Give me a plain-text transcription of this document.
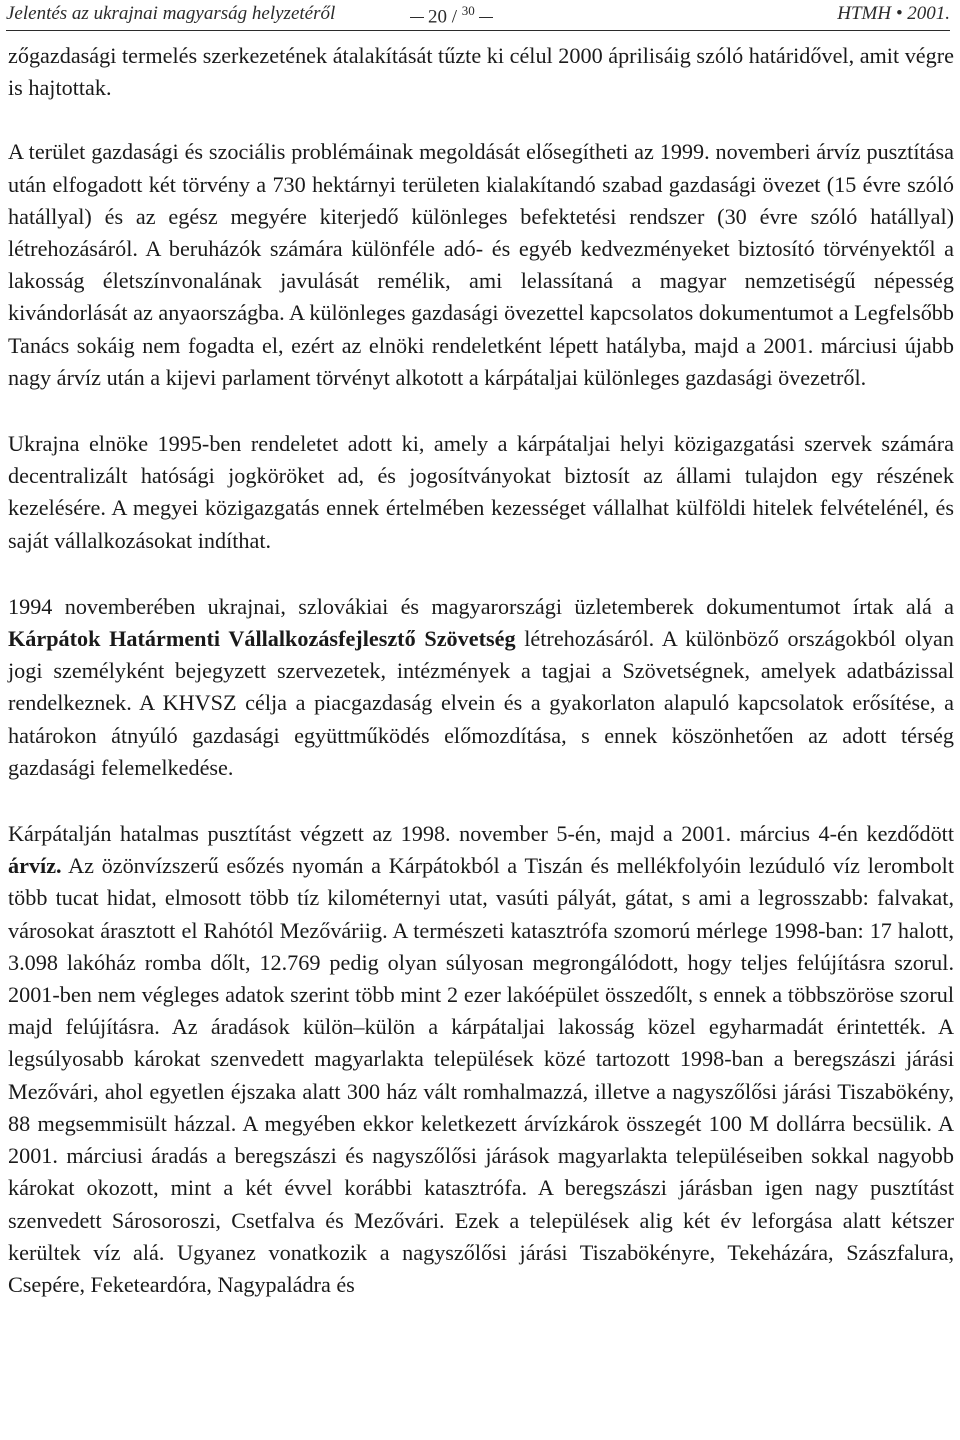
Jelentés az ukrajnai magyarság helyzetéről	20 / $^{30}$	HTMH • 2001.

zőgazdasági termelés szerkezetének átalakítását tűzte ki célul 2000 áprilisáig szóló határidővel, amit végre is hajtottak.

A terület gazdasági és szociális problémáinak megoldását elősegítheti az 1999. novemberi árvíz pusztítása után elfogadott két törvény a 730 hektárnyi területen kialakítandó szabad gazdasági övezet (15 évre szóló hatállyal) és az egész megyére kiterjedő különleges befektetési rendszer (30 évre szóló hatállyal) létrehozásáról. A beruházók számára különféle adó- és egyéb kedvezményeket biztosító törvényektől a lakosság életszínvonalának javulását remélik, ami lelassítaná a magyar nemzetiségű népesség kivándorlását az anyaországba. A különleges gazdasági övezettel kapcsolatos dokumentumot a Legfelsőbb Tanács sokáig nem fogadta el, ezért az elnöki rendeletként lépett hatályba, majd a 2001. márciusi újabb nagy árvíz után a kijevi parlament törvényt alkotott a kárpátaljai különleges gazdasági övezetről.

Ukrajna elnöke 1995-ben rendeletet adott ki, amely a kárpátaljai helyi közigazgatási szervek számára decentralizált hatósági jogköröket ad, és jogosítványokat biztosít az állami tulajdon egy részének kezelésére. A megyei közigazgatás ennek értelmében kezességet vállalhat külföldi hitelek felvételénél, és saját vállalkozásokat indíthat.

1994 novemberében ukrajnai, szlovákiai és magyarországi üzletemberek dokumentumot írtak alá a Kárpátok Határmenti Vállalkozásfejlesztő Szövetség létrehozásáról. A különböző országokból olyan jogi személyként bejegyzett szervezetek, intézmények a tagjai a Szövetségnek, amelyek adatbázissal rendelkeznek. A KHVSZ célja a piacgazdaság elvein és a gyakorlaton alapuló kapcsolatok erősítése, a határokon átnyúló gazdasági együttműködés előmozdítása, s ennek köszönhetően az adott térség gazdasági felemelkedése.

Kárpátalján hatalmas pusztítást végzett az 1998. november 5-én, majd a 2001. március 4-én kezdődött árvíz. Az özönvízszerű esőzés nyomán a Kárpátokból a Tiszán és mellékfolyóin lezúduló víz lerombolt több tucat hidat, elmosott több tíz kilométernyi utat, vasúti pályát, gátat, s ami a legrosszabb: falvakat, városokat árasztott el Rahótól Mezőváriig. A természeti katasztrófa szomorú mérlege 1998-ban: 17 halott, 3.098 lakóház romba dőlt, 12.769 pedig olyan súlyosan megrongálódott, hogy teljes felújításra szorul. 2001-ben nem végleges adatok szerint több mint 2 ezer lakóépület összedőlt, s ennek a többszöröse szorul majd felújításra. Az áradások külön–külön a kárpátaljai lakosság közel egyharmadát érintették. A legsúlyosabb károkat szenvedett magyarlakta települések közé tartozott 1998-ban a beregszászi járási Mezővári, ahol egyetlen éjszaka alatt 300 ház vált romhalmazzá, illetve a nagyszőlősi járási Tiszabökény, 88 megsemmisült házzal. A megyében ekkor keletkezett árvízkárok összegét 100 M dollárra becsülik. A 2001. márciusi áradás a beregszászi és nagyszőlősi járások magyarlakta településeiben sokkal nagyobb károkat okozott, mint a két évvel korábbi katasztrófa. A beregszászi járásban igen nagy pusztítást szenvedett Sárosoroszi, Csetfalva és Mezővári. Ezek a települések alig két év leforgása alatt kétszer kerültek víz alá. Ugyanez vonatkozik a nagyszőlősi járási Tiszabökényre, Tekeházára, Szászfalura, Csepére, Feketeardóra, Nagypaládra és
